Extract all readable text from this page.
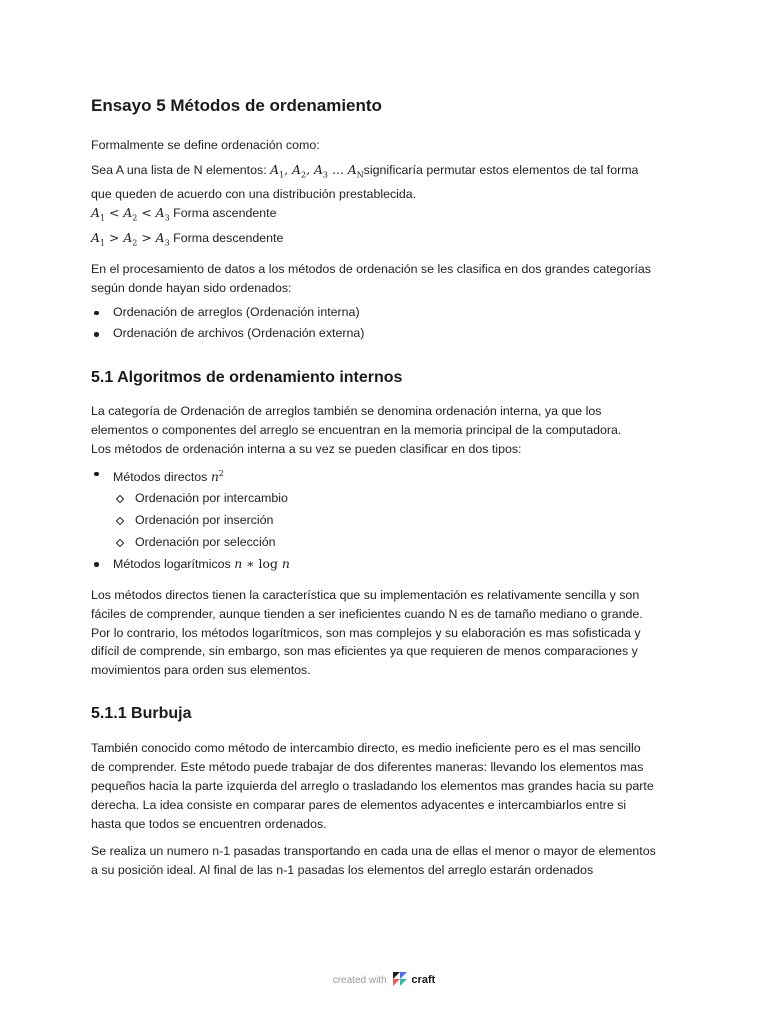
Ensayo 5 Métodos de ordenamiento

Formalmente se define ordenación como:

Sea A una lista de N elementos: $A_1$, $A_2$, $A_3$ ... $A_Nsignificaría$ permutar estos elementos de tal forma
que queden de acuerdo con una distribución prestablecida.
$A_1 < A_2 < A_3$ Forma ascendente
$A_1 > A_2 > A_3$ Forma descendente

En el procesamiento de datos a los métodos de ordenación se les clasifica en dos grandes categorías
según donde hayan sido ordenados:

Ordenación de arreglos (Ordenación interna)
Ordenación de archivos (Ordenación externa)
5.1 Algoritmos de ordenamiento internos

La categoría de Ordenación de arreglos también se denomina ordenación interna, ya que los
elementos o componentes del arreglo se encuentran en la memoria principal de la computadora.
Los métodos de ordenación interna a su vez se pueden clasificar en dos tipos:

Métodos directos $n^2$
Ordenación por intercambio
Ordenación por inserción
Ordenación por selección
Métodos logarítmicos n ∗ log n

Los métodos directos tienen la característica que su implementación es relativamente sencilla y son
fáciles de comprender, aunque tienden a ser ineficientes cuando N es de tamaño mediano o grande.
Por lo contrario, los métodos logarítmicos, son mas complejos y su elaboración es mas sofisticada y
difícil de comprende, sin embargo, son mas eficientes ya que requieren de menos comparaciones y
movimientos para orden sus elementos.

5.1.1 Burbuja

También conocido como método de intercambio directo, es medio ineficiente pero es el mas sencillo
de comprender. Este método puede trabajar de dos diferentes maneras: llevando los elementos mas
pequeños hacia la parte izquierda del arreglo o trasladando los elementos mas grandes hacia su parte
derecha. La idea consiste en comparar pares de elementos adyacentes e intercambiarlos entre si
hasta que todos se encuentren ordenados.

Se realiza un numero n-1 pasadas transportando en cada una de ellas el menor o mayor de elementos
a su posición ideal. Al final de las n-1 pasadas los elementos del arreglo estarán ordenados

created with craft
